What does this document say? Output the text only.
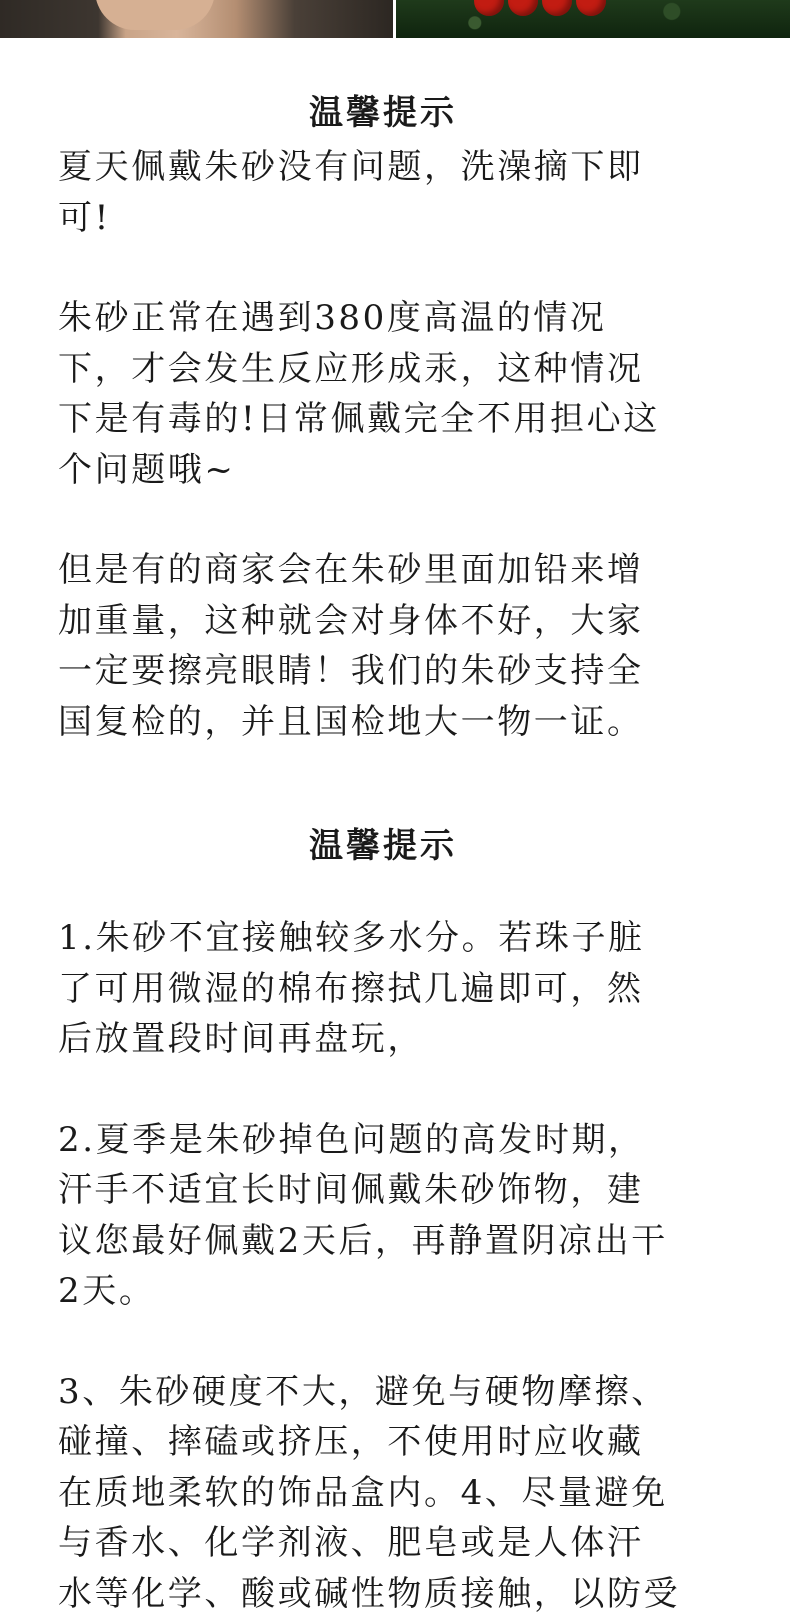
温馨提示

夏天佩戴朱砂没有问题，洗澡摘下即
可!

朱砂正常在遇到380度高温的情况
下，才会发生反应形成汞，这种情况
下是有毒的!日常佩戴完全不用担心这
个问题哦~

但是有的商家会在朱砂里面加铅来增
加重量，这种就会对身体不好，大家
一定要擦亮眼睛！我们的朱砂支持全
国复检的，并且国检地大一物一证。

温馨提示

1.朱砂不宜接触较多水分。若珠子脏
了可用微湿的棉布擦拭几遍即可，然
后放置段时间再盘玩，

2.夏季是朱砂掉色问题的高发时期，
汗手不适宜长时间佩戴朱砂饰物，建
议您最好佩戴2天后，再静置阴凉出干
2天。

3、朱砂硬度不大，避免与硬物摩擦、
碰撞、摔磕或挤压，不使用时应收藏
在质地柔软的饰品盒内。4、尽量避免
与香水、化学剂液、肥皂或是人体汗
水等化学、酸或碱性物质接触，以防受
